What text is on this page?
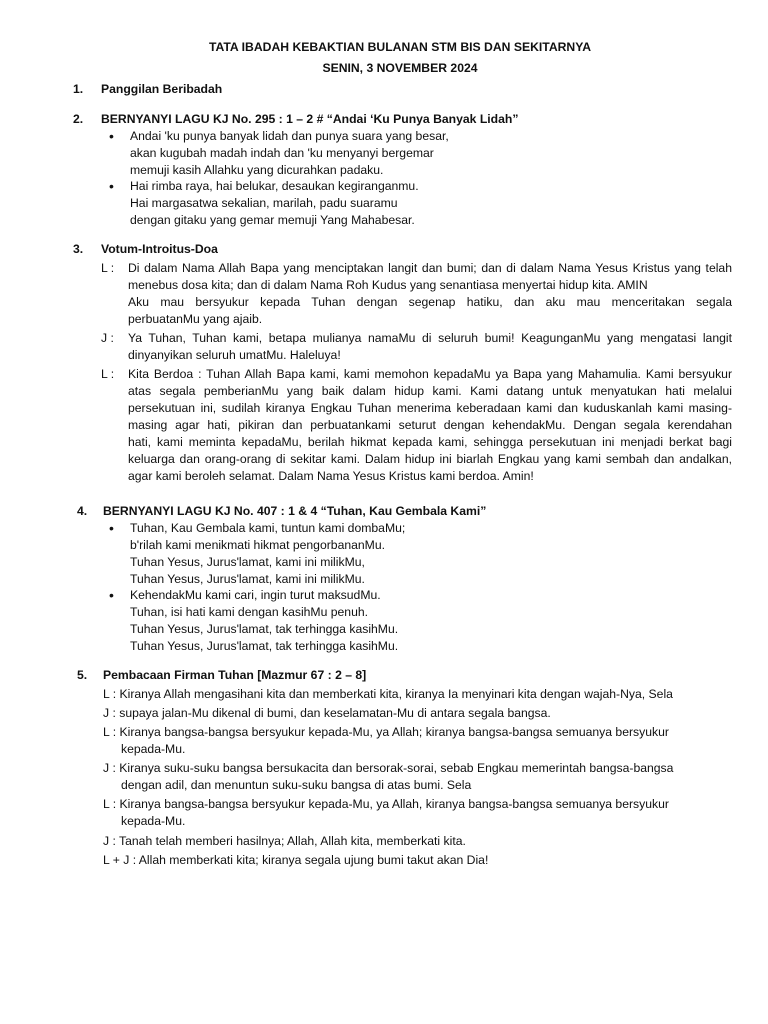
TATA IBADAH KEBAKTIAN BULANAN STM BIS DAN SEKITARNYA
SENIN, 3 NOVEMBER 2024
1. Panggilan Beribadah
2. BERNYANYI LAGU KJ No. 295 : 1 – 2 # “Andai ‘Ku Punya Banyak Lidah”
• Andai 'ku punya banyak lidah dan punya suara yang besar,
akan kugubah madah indah dan 'ku menyanyi bergemar
memuji kasih Allahku yang dicurahkan padaku.
• Hai rimba raya, hai belukar, desaukan kegiranganmu.
Hai margasatwa sekalian, marilah, padu suaramu
dengan gitaku yang gemar memuji Yang Mahabesar.
3. Votum-Introitus-Doa
L : Di dalam Nama Allah Bapa yang menciptakan langit dan bumi; dan di dalam Nama Yesus Kristus yang telah
menebus dosa kita; dan di dalam Nama Roh Kudus yang senantiasa menyertai hidup kita. AMIN
Aku mau bersyukur kepada Tuhan dengan segenap hatiku, dan aku mau menceritakan segala
perbuatanMu yang ajaib.
J : Ya Tuhan, Tuhan kami, betapa mulianya namaMu di seluruh bumi! KeagunganMu yang mengatasi langit
dinyanyikan seluruh umatMu. Haleluya!
L : Kita Berdoa : Tuhan Allah Bapa kami, kami memohon kepadaMu ya Bapa yang Mahamulia. Kami bersyukur
atas segala pemberianMu yang baik dalam hidup kami. Kami datang untuk menyatukan hati melalui
persekutuan ini, sudilah kiranya Engkau Tuhan menerima keberadaan kami dan kuduskanlah kami masing-
masing agar hati, pikiran dan perbuatankami seturut dengan kehendakMu. Dengan segala kerendahan
hati, kami meminta kepadaMu, berilah hikmat kepada kami, sehingga persekutuan ini menjadi berkat bagi
keluarga dan orang-orang di sekitar kami. Dalam hidup ini biarlah Engkau yang kami sembah dan andalkan,
agar kami beroleh selamat. Dalam Nama Yesus Kristus kami berdoa. Amin!
4. BERNYANYI LAGU KJ No. 407 : 1 & 4 “Tuhan, Kau Gembala Kami”
• Tuhan, Kau Gembala kami, tuntun kami dombaMu;
b'rilah kami menikmati hikmat pengorbananMu.
Tuhan Yesus, Jurus'lamat, kami ini milikMu,
Tuhan Yesus, Jurus'lamat, kami ini milikMu.
• KehendakMu kami cari, ingin turut maksudMu.
Tuhan, isi hati kami dengan kasihMu penuh.
Tuhan Yesus, Jurus'lamat, tak terhingga kasihMu.
Tuhan Yesus, Jurus'lamat, tak terhingga kasihMu.
5. Pembacaan Firman Tuhan [Mazmur 67 : 2 – 8]
L : Kiranya Allah mengasihani kita dan memberkati kita, kiranya Ia menyinari kita dengan wajah-Nya, Sela
J : supaya jalan-Mu dikenal di bumi, dan keselamatan-Mu di antara segala bangsa.
L : Kiranya bangsa-bangsa bersyukur kepada-Mu, ya Allah; kiranya bangsa-bangsa semuanya bersyukur
kepada-Mu.
J : Kiranya suku-suku bangsa bersukacita dan bersorak-sorai, sebab Engkau memerintah bangsa-bangsa
dengan adil, dan menuntun suku-suku bangsa di atas bumi. Sela
L : Kiranya bangsa-bangsa bersyukur kepada-Mu, ya Allah, kiranya bangsa-bangsa semuanya bersyukur
kepada-Mu.
J : Tanah telah memberi hasilnya; Allah, Allah kita, memberkati kita.
L + J : Allah memberkati kita; kiranya segala ujung bumi takut akan Dia!
